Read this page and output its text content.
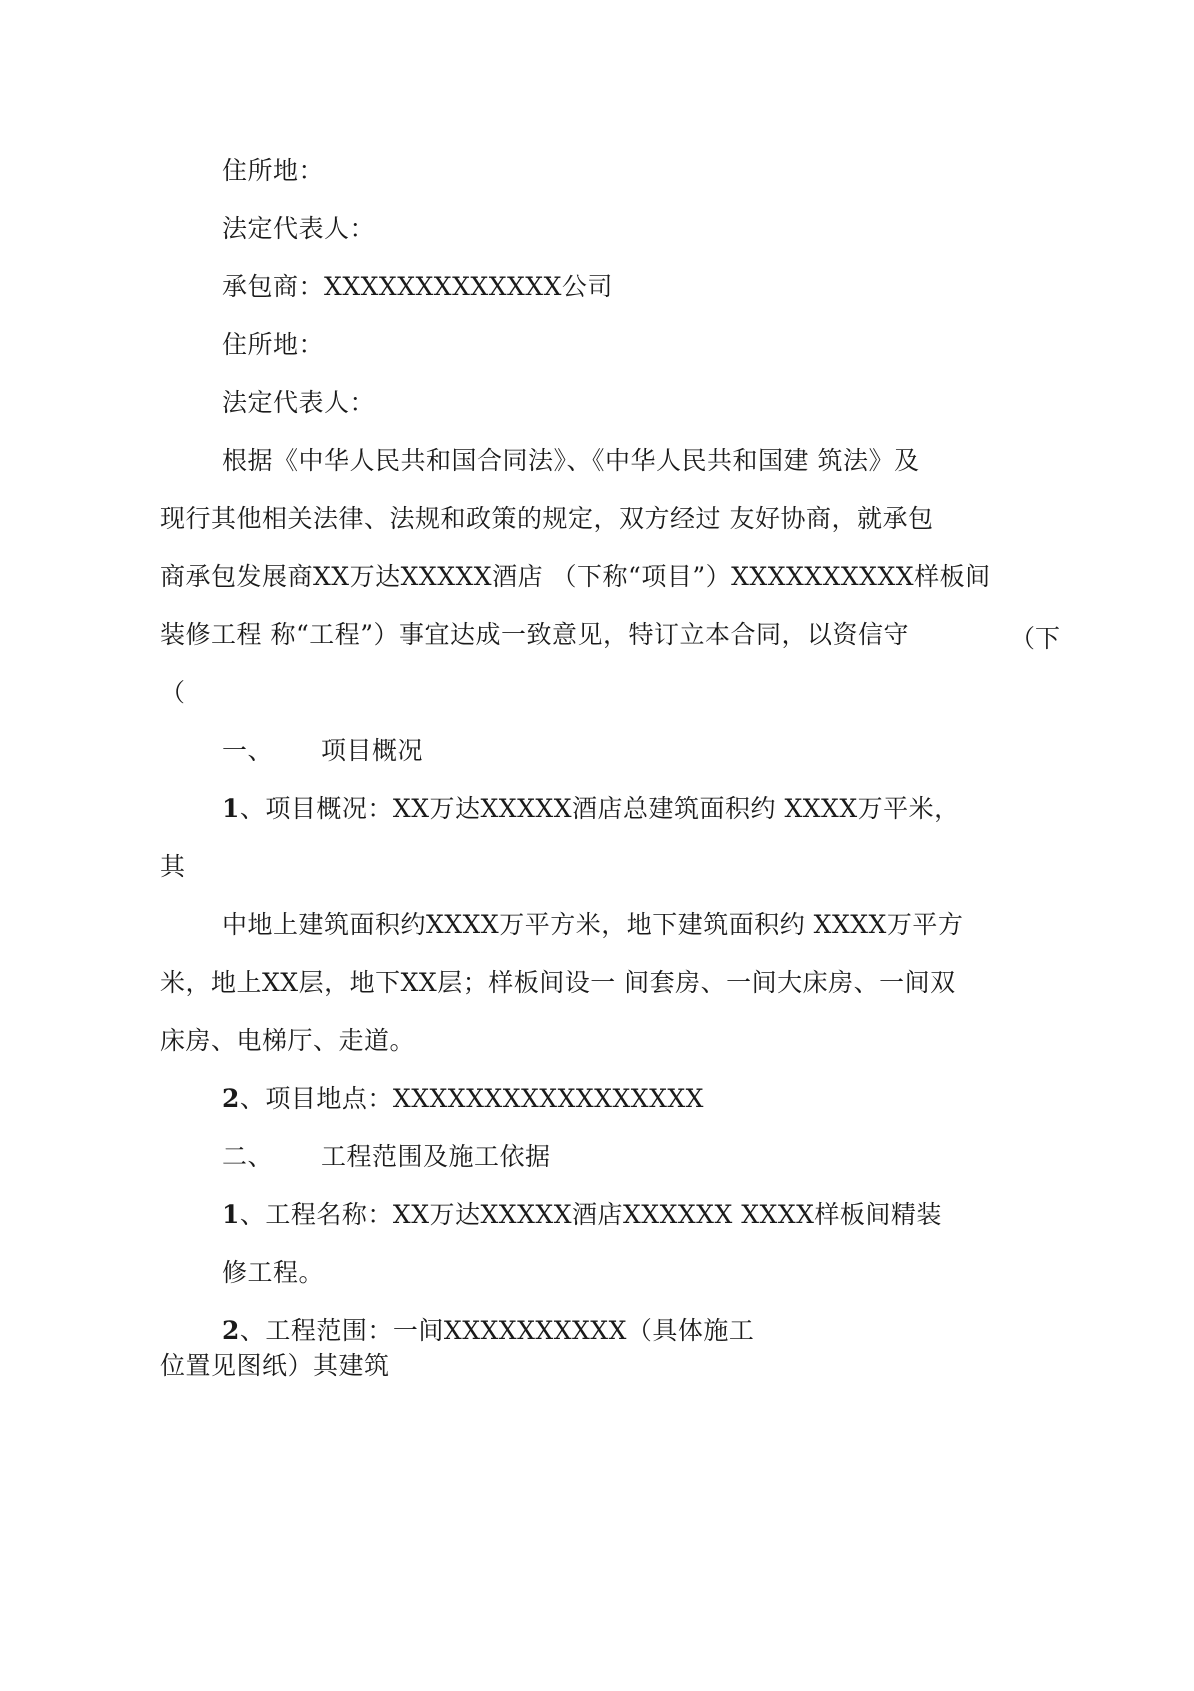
住所地：
法定代表人：
承包商：XXXXXXXXXXXXX公司
住所地：
法定代表人：
根据《中华人民共和国合同法》、《中华人民共和国建 筑法》及
现行其他相关法律、法规和政策的规定，双方经过 友好协商，就承包
商承包发展商XX万达XXXXX酒店 （下称“项目”）XXXXXXXXXX样板间
装修工程 称“工程”）事宜达成一致意见，特订立本合同，以资信守	（下
（
一、 项目概况
1、项目概况：XX万达XXXXX酒店总建筑面积约 XXXX万平米，
其
中地上建筑面积约XXXX万平方米，地下建筑面积约 XXXX万平方
米，地上XX层，地下XX层；样板间设一 间套房、一间大床房、一间双
床房、电梯厅、走道。
2、项目地点：XXXXXXXXXXXXXXXXX
二、 工程范围及施工依据
1、工程名称：XX万达XXXXX酒店XXXXXX XXXX样板间精装
修工程。
2、工程范围：一间XXXXXXXXXX（具体施工
位置见图纸）其建筑
